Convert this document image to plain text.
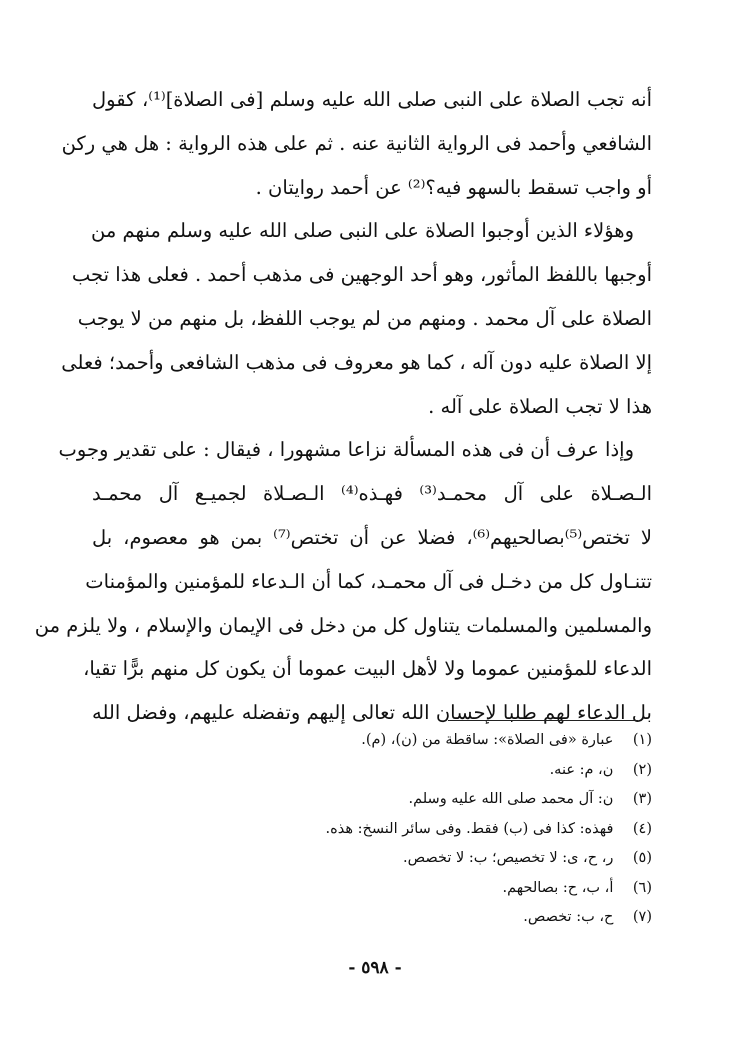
أنه تجب الصلاة على النبى صلى الله عليه وسلم [فى الصلاة]⁽¹⁾، كقول
الشافعي وأحمد فى الرواية الثانية عنه . ثم على هذه الرواية : هل هي ركن
أو واجب تسقط بالسهو فيه؟⁽²⁾ عن أحمد روايتان .
وهؤلاء الذين أوجبوا الصلاة على النبى صلى الله عليه وسلم منهم من
أوجبها باللفظ المأثور، وهو أحد الوجهين فى مذهب أحمد . فعلى هذا تجب
الصلاة على آل محمد . ومنهم من لم يوجب اللفظ، بل منهم من لا يوجب
إلا الصلاة عليه دون آله ، كما هو معروف فى مذهب الشافعى وأحمد؛ فعلى
هذا لا تجب الصلاة على آله .
وإذا عرف أن فى هذه المسألة نزاعا مشهورا ، فيقال : على تقدير وجوب
الـصـلاة على آل محمـد⁽³⁾ فهـذه⁽⁴⁾ الـصـلاة لجميـع آل محمـد
لا تختص⁽⁵⁾بصالحيهم⁽⁶⁾، فضلا عن أن تختص⁽⁷⁾ بمن هو معصوم، بل
تتنـاول كل من دخـل فى آل محمـد، كما أن الـدعاء للمؤمنين والمؤمنات
والمسلمين والمسلمات يتناول كل من دخل فى الإيمان والإسلام ، ولا يلزم من
الدعاء للمؤمنين عموما ولا لأهل البيت عموما أن يكون كل منهم برًّا تقيا،
بل الدعاء لهم طلبا لإحسان الله تعالى إليهم وتفضله عليهم، وفضل الله
(١) عبارة «فى الصلاة»: ساقطة من (ن)، (م).
(٢) ن، م: عنه.
(٣) ن: آل محمد صلى الله عليه وسلم.
(٤) فهذه: كذا فى (ب) فقط. وفى سائر النسخ: هذه.
(٥) ر، ح، ى: لا تخصيص؛ ب: لا تخصص.
(٦) أ، ب، ح: بصالحهم.
(٧) ح، ب: تخصص.
- ٥٩٨ -
